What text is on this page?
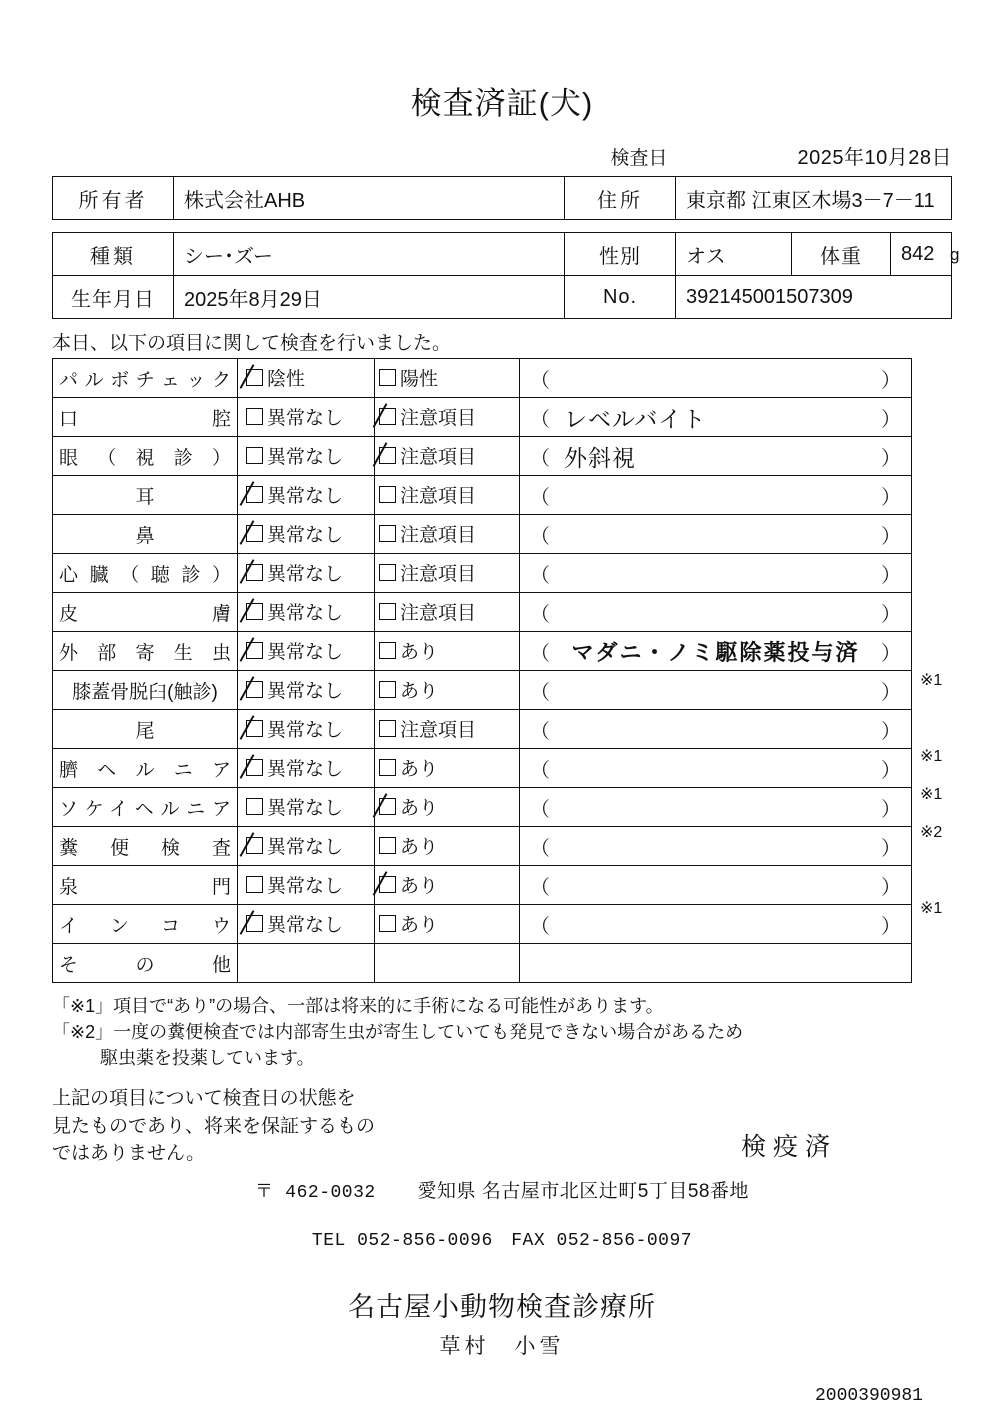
検査済証(犬)
検査日	2025年10月28日
所有者	株式会社AHB	住所	東京都 江東区木場3－7－11
種類	シー･ズー	性別	オス	体重	842 g
生年月日	2025年8月29日	No.	392145001507309		
本日、以下の項目に関して検査を行いました。
パルボチェック	陰性	陽性	（ ）

口　　　　　腔	異常なし	注意項目	（ レベルバイト ）

眼（視診）	異常なし	注意項目	（ 外斜視 ）

耳	異常なし	注意項目	（ ）

鼻	異常なし	注意項目	（ ）

心臓（聴診）	異常なし	注意項目	（ ）

皮　　　　　膚	異常なし	注意項目	（ ）

外部寄生虫	異常なし	あり	（ マダニ・ノミ駆除薬投与済 ）

膝蓋骨脱臼(触診)	異常なし	あり	（ ）

尾	異常なし	注意項目	（ ）

臍ヘルニア	異常なし	あり	（ ）

ソケイヘルニア	異常なし	あり	（ ）

糞便検査	異常なし	あり	（ ）

泉　　　　　門	異常なし	あり	（ ）

インコウ	異常なし	あり	（ ）

その他			
※1
※1
※1
※2
※1
「※1」項目で“あり”の場合、一部は将来的に手術になる可能性があります。
「※2」一度の糞便検査では内部寄生虫が寄生していても発見できない場合があるため
駆虫薬を投薬しています。
上記の項目について検査日の状態を
見たものであり、将来を保証するもの
ではありません。	検疫済
〒 462-0032 愛知県 名古屋市北区辻町5丁目58番地
TEL 052-856-0096　FAX 052-856-0097
名古屋小動物検査診療所
草村　小雪
2000390981
